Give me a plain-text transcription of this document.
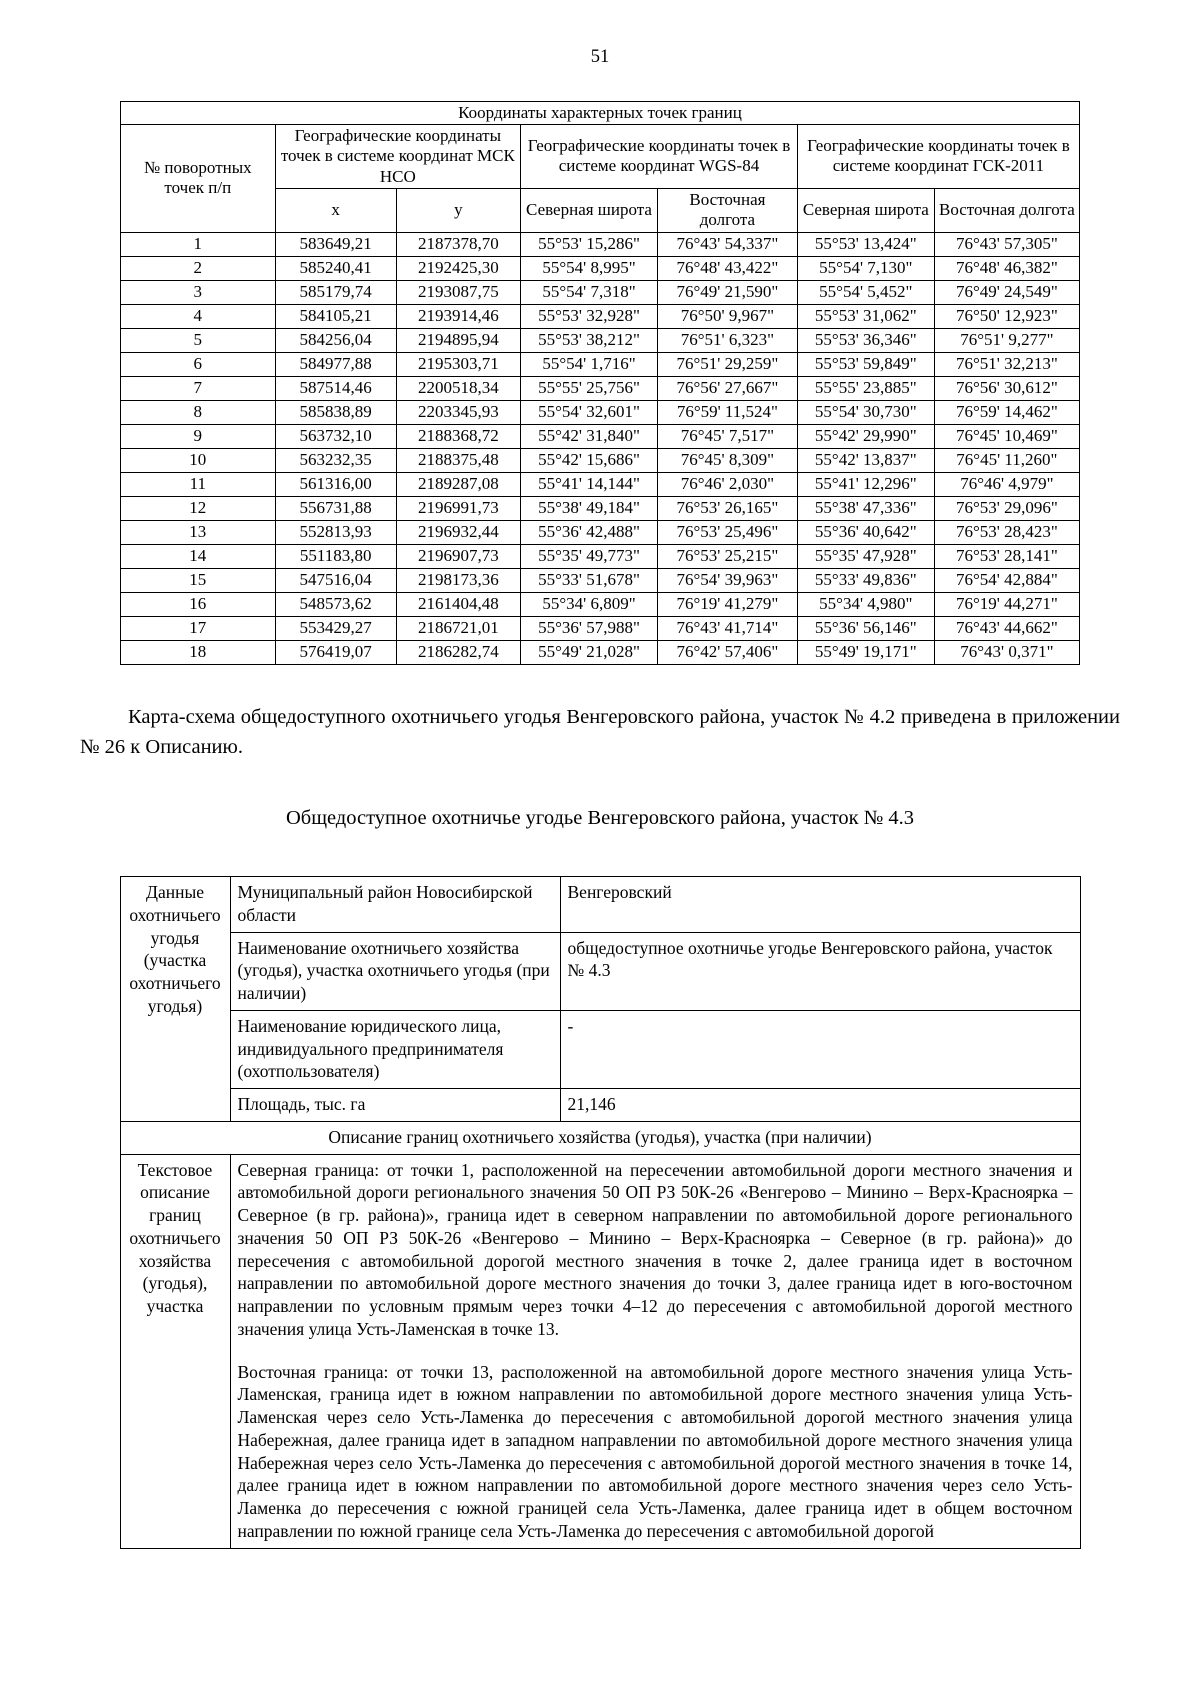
51
Координаты характерных точек границ						
№ поворотных точек п/п	Географические координаты точек в системе координат МСК НСО		Географические координаты точек в системе координат WGS-84		Географические координаты точек в системе координат ГСК-2011	
	x	y	Северная широта	Восточная долгота	Северная широта	Восточная долгота
1	583649,21	2187378,70	55°53' 15,286"	76°43' 54,337"	55°53' 13,424"	76°43' 57,305"
2	585240,41	2192425,30	55°54' 8,995"	76°48' 43,422"	55°54' 7,130"	76°48' 46,382"
3	585179,74	2193087,75	55°54' 7,318"	76°49' 21,590"	55°54' 5,452"	76°49' 24,549"
4	584105,21	2193914,46	55°53' 32,928"	76°50' 9,967"	55°53' 31,062"	76°50' 12,923"
5	584256,04	2194895,94	55°53' 38,212"	76°51' 6,323"	55°53' 36,346"	76°51' 9,277"
6	584977,88	2195303,71	55°54' 1,716"	76°51' 29,259"	55°53' 59,849"	76°51' 32,213"
7	587514,46	2200518,34	55°55' 25,756"	76°56' 27,667"	55°55' 23,885"	76°56' 30,612"
8	585838,89	2203345,93	55°54' 32,601"	76°59' 11,524"	55°54' 30,730"	76°59' 14,462"
9	563732,10	2188368,72	55°42' 31,840"	76°45' 7,517"	55°42' 29,990"	76°45' 10,469"
10	563232,35	2188375,48	55°42' 15,686"	76°45' 8,309"	55°42' 13,837"	76°45' 11,260"
11	561316,00	2189287,08	55°41' 14,144"	76°46' 2,030"	55°41' 12,296"	76°46' 4,979"
12	556731,88	2196991,73	55°38' 49,184"	76°53' 26,165"	55°38' 47,336"	76°53' 29,096"
13	552813,93	2196932,44	55°36' 42,488"	76°53' 25,496"	55°36' 40,642"	76°53' 28,423"
14	551183,80	2196907,73	55°35' 49,773"	76°53' 25,215"	55°35' 47,928"	76°53' 28,141"
15	547516,04	2198173,36	55°33' 51,678"	76°54' 39,963"	55°33' 49,836"	76°54' 42,884"
16	548573,62	2161404,48	55°34' 6,809"	76°19' 41,279"	55°34' 4,980"	76°19' 44,271"
17	553429,27	2186721,01	55°36' 57,988"	76°43' 41,714"	55°36' 56,146"	76°43' 44,662"
18	576419,07	2186282,74	55°49' 21,028"	76°42' 57,406"	55°49' 19,171"	76°43' 0,371"

Карта-схема общедоступного охотничьего угодья Венгеровского района, участок № 4.2 приведена в приложении № 26 к Описанию.

Общедоступное охотничье угодье Венгеровского района, участок № 4.3

Данные охотничьего угодья (участка охотничьего угодья)	Муниципальный район Новосибирской области	Венгеровский
	Наименование охотничьего хозяйства (угодья), участка охотничьего угодья (при наличии)	общедоступное охотничье угодье Венгеровского района, участок № 4.3
	Наименование юридического лица, индивидуального предпринимателя (охотпользователя)	-
	Площадь, тыс. га	21,146
Описание границ охотничьего хозяйства (угодья), участка (при наличии)		
Текстовое описание границ охотничьего хозяйства (угодья), участка	Северная граница: от точки 1, расположенной на пересечении автомобильной дороги местного значения и автомобильной дороги регионального значения 50 ОП РЗ 50К-26 «Венгерово – Минино – Верх-Красноярка – Северное (в гр. района)», граница идет в северном направлении по автомобильной дороге регионального значения 50 ОП РЗ 50К-26 «Венгерово – Минино – Верх-Красноярка – Северное (в гр. района)» до пересечения с автомобильной дорогой местного значения в точке 2, далее граница идет в восточном направлении по автомобильной дороге местного значения до точки 3, далее граница идет в юго-восточном направлении по условным прямым через точки 4–12 до пересечения с автомобильной дорогой местного значения улица Усть-Ламенская в точке 13.

Восточная граница: от точки 13, расположенной на автомобильной дороге местного значения улица Усть-Ламенская, граница идет в южном направлении по автомобильной дороге местного значения улица Усть-Ламенская через село Усть-Ламенка до пересечения с автомобильной дорогой местного значения улица Набережная, далее граница идет в западном направлении по автомобильной дороге местного значения улица Набережная через село Усть-Ламенка до пересечения с автомобильной дорогой местного значения в точке 14, далее граница идет в южном направлении по автомобильной дороге местного значения через село Усть-Ламенка до пересечения с южной границей села Усть-Ламенка, далее граница идет в общем восточном направлении по южной границе села Усть-Ламенка до пересечения с автомобильной дорогой	
